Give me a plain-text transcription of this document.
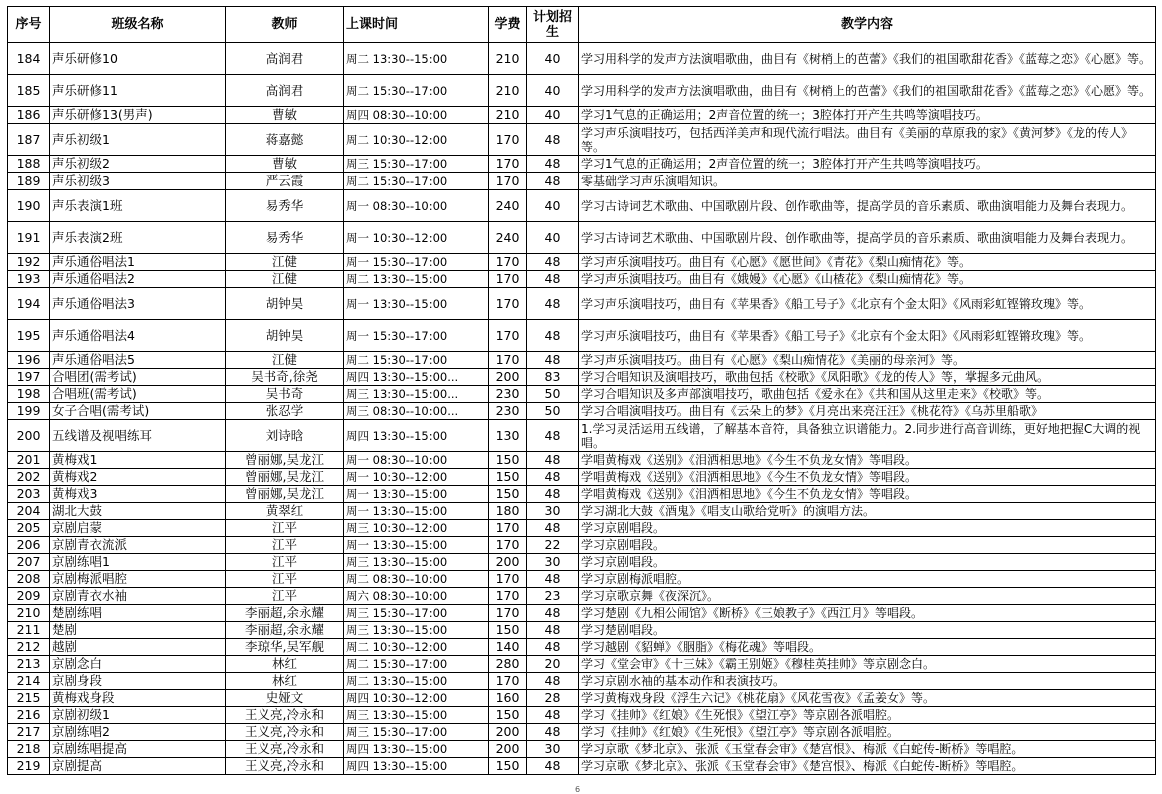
序号	班级名称	教师	上课时间	学费	计划招生	教学内容
184	声乐研修10	高润君	周二 13:30--15:00	210	40	学习用科学的发声方法演唱歌曲，曲目有《树梢上的芭蕾》《我们的祖国歌甜花香》《蓝莓之恋》《心愿》等。
185	声乐研修11	高润君	周二 15:30--17:00	210	40	学习用科学的发声方法演唱歌曲，曲目有《树梢上的芭蕾》《我们的祖国歌甜花香》《蓝莓之恋》《心愿》等。
186	声乐研修13(男声)	曹敏	周四 08:30--10:00	210	40	学习1气息的正确运用；2声音位置的统一；3腔体打开产生共鸣等演唱技巧。
187	声乐初级1	蒋嘉懿	周二 10:30--12:00	170	48	学习声乐演唱技巧，包括西洋美声和现代流行唱法。曲目有《美丽的草原我的家》《黄河梦》《龙的传人》等。
188	声乐初级2	曹敏	周三 15:30--17:00	170	48	学习1气息的正确运用；2声音位置的统一；3腔体打开产生共鸣等演唱技巧。
189	声乐初级3	严云霞	周二 15:30--17:00	170	48	零基础学习声乐演唱知识。
190	声乐表演1班	易秀华	周一 08:30--10:00	240	40	学习古诗词艺术歌曲、中国歌剧片段、创作歌曲等，提高学员的音乐素质、歌曲演唱能力及舞台表现力。
191	声乐表演2班	易秀华	周一 10:30--12:00	240	40	学习古诗词艺术歌曲、中国歌剧片段、创作歌曲等，提高学员的音乐素质、歌曲演唱能力及舞台表现力。
192	声乐通俗唱法1	江健	周一 15:30--17:00	170	48	学习声乐演唱技巧。曲目有《心愿》《愿世间》《青花》《梨山痴情花》等。
193	声乐通俗唱法2	江健	周二 13:30--15:00	170	48	学习声乐演唱技巧。曲目有《娥嫚》《心愿》《山楂花》《梨山痴情花》等。
194	声乐通俗唱法3	胡钟昊	周一 13:30--15:00	170	48	学习声乐演唱技巧，曲目有《苹果香》《船工号子》《北京有个金太阳》《风雨彩虹铿锵玫瑰》等。
195	声乐通俗唱法4	胡钟昊	周一 15:30--17:00	170	48	学习声乐演唱技巧，曲目有《苹果香》《船工号子》《北京有个金太阳》《风雨彩虹铿锵玫瑰》等。
196	声乐通俗唱法5	江健	周二 15:30--17:00	170	48	学习声乐演唱技巧。曲目有《心愿》《梨山痴情花》《美丽的母亲河》等。
197	合唱团(需考试)	吴书奇,徐尧	周四 13:30--15:00...	200	83	学习合唱知识及演唱技巧，歌曲包括《校歌》《凤阳歌》《龙的传人》等，掌握多元曲风。
198	合唱班(需考试)	吴书奇	周三 13:30--15:00...	230	50	学习合唱知识及多声部演唱技巧，歌曲包括《爱永在》《共和国从这里走来》《校歌》等。
199	女子合唱(需考试)	张忍学	周三 08:30--10:00...	230	50	学习合唱演唱技巧。曲目有《云朵上的梦》《月亮出来亮汪汪》《桃花符》《乌苏里船歌》
200	五线谱及视唱练耳	刘诗晗	周四 13:30--15:00	130	48	1.学习灵活运用五线谱，了解基本音符，具备独立识谱能力。2.同步进行高音训练，更好地把握C大调的视唱。
201	黄梅戏1	曾丽娜,吴龙江	周一 08:30--10:00	150	48	学唱黄梅戏《送别》《泪洒相思地》《今生不负龙女情》等唱段。
202	黄梅戏2	曾丽娜,吴龙江	周一 10:30--12:00	150	48	学唱黄梅戏《送别》《泪洒相思地》《今生不负龙女情》等唱段。
203	黄梅戏3	曾丽娜,吴龙江	周一 13:30--15:00	150	48	学唱黄梅戏《送别》《泪洒相思地》《今生不负龙女情》等唱段。
204	湖北大鼓	黄翠红	周一 13:30--15:00	180	30	学习湖北大鼓《酒鬼》《唱支山歌给党听》的演唱方法。
205	京剧启蒙	江平	周三 10:30--12:00	170	48	学习京剧唱段。
206	京剧青衣流派	江平	周一 13:30--15:00	170	22	学习京剧唱段。
207	京剧练唱1	江平	周三 13:30--15:00	200	30	学习京剧唱段。
208	京剧梅派唱腔	江平	周二 08:30--10:00	170	48	学习京剧梅派唱腔。
209	京剧青衣水袖	江平	周六 08:30--10:00	170	23	学习京歌京舞《夜深沉》。
210	楚剧练唱	李丽超,余永耀	周三 15:30--17:00	170	48	学习楚剧《九相公闹馆》《断桥》《三娘教子》《西江月》等唱段。
211	楚剧	李丽超,余永耀	周三 13:30--15:00	150	48	学习楚剧唱段。
212	越剧	李琼华,吴军舰	周二 10:30--12:00	140	48	学习越剧《貂蝉》《胭脂》《梅花魂》等唱段。
213	京剧念白	林红	周二 15:30--17:00	280	20	学习《堂会审》《十三妹》《霸王别姬》《穆桂英挂帅》等京剧念白。
214	京剧身段	林红	周二 13:30--15:00	170	48	学习京剧水袖的基本动作和表演技巧。
215	黄梅戏身段	史娅文	周四 10:30--12:00	160	28	学习黄梅戏身段《浮生六记》《桃花扇》《风花雪夜》《孟姜女》等。
216	京剧初级1	王义亮,冷永和	周三 13:30--15:00	150	48	学习《挂帅》《红娘》《生死恨》《望江亭》等京剧各派唱腔。
217	京剧练唱2	王义亮,冷永和	周三 15:30--17:00	200	48	学习《挂帅》《红娘》《生死恨》《望江亭》等京剧各派唱腔。
218	京剧练唱提高	王义亮,冷永和	周四 13:30--15:00	200	30	学习京歌《梦北京》、张派《玉堂春会审》《楚宫恨》、梅派《白蛇传-断桥》等唱腔。
219	京剧提高	王义亮,冷永和	周四 13:30--15:00	150	48	学习京歌《梦北京》、张派《玉堂春会审》《楚宫恨》、梅派《白蛇传-断桥》等唱腔。
6
